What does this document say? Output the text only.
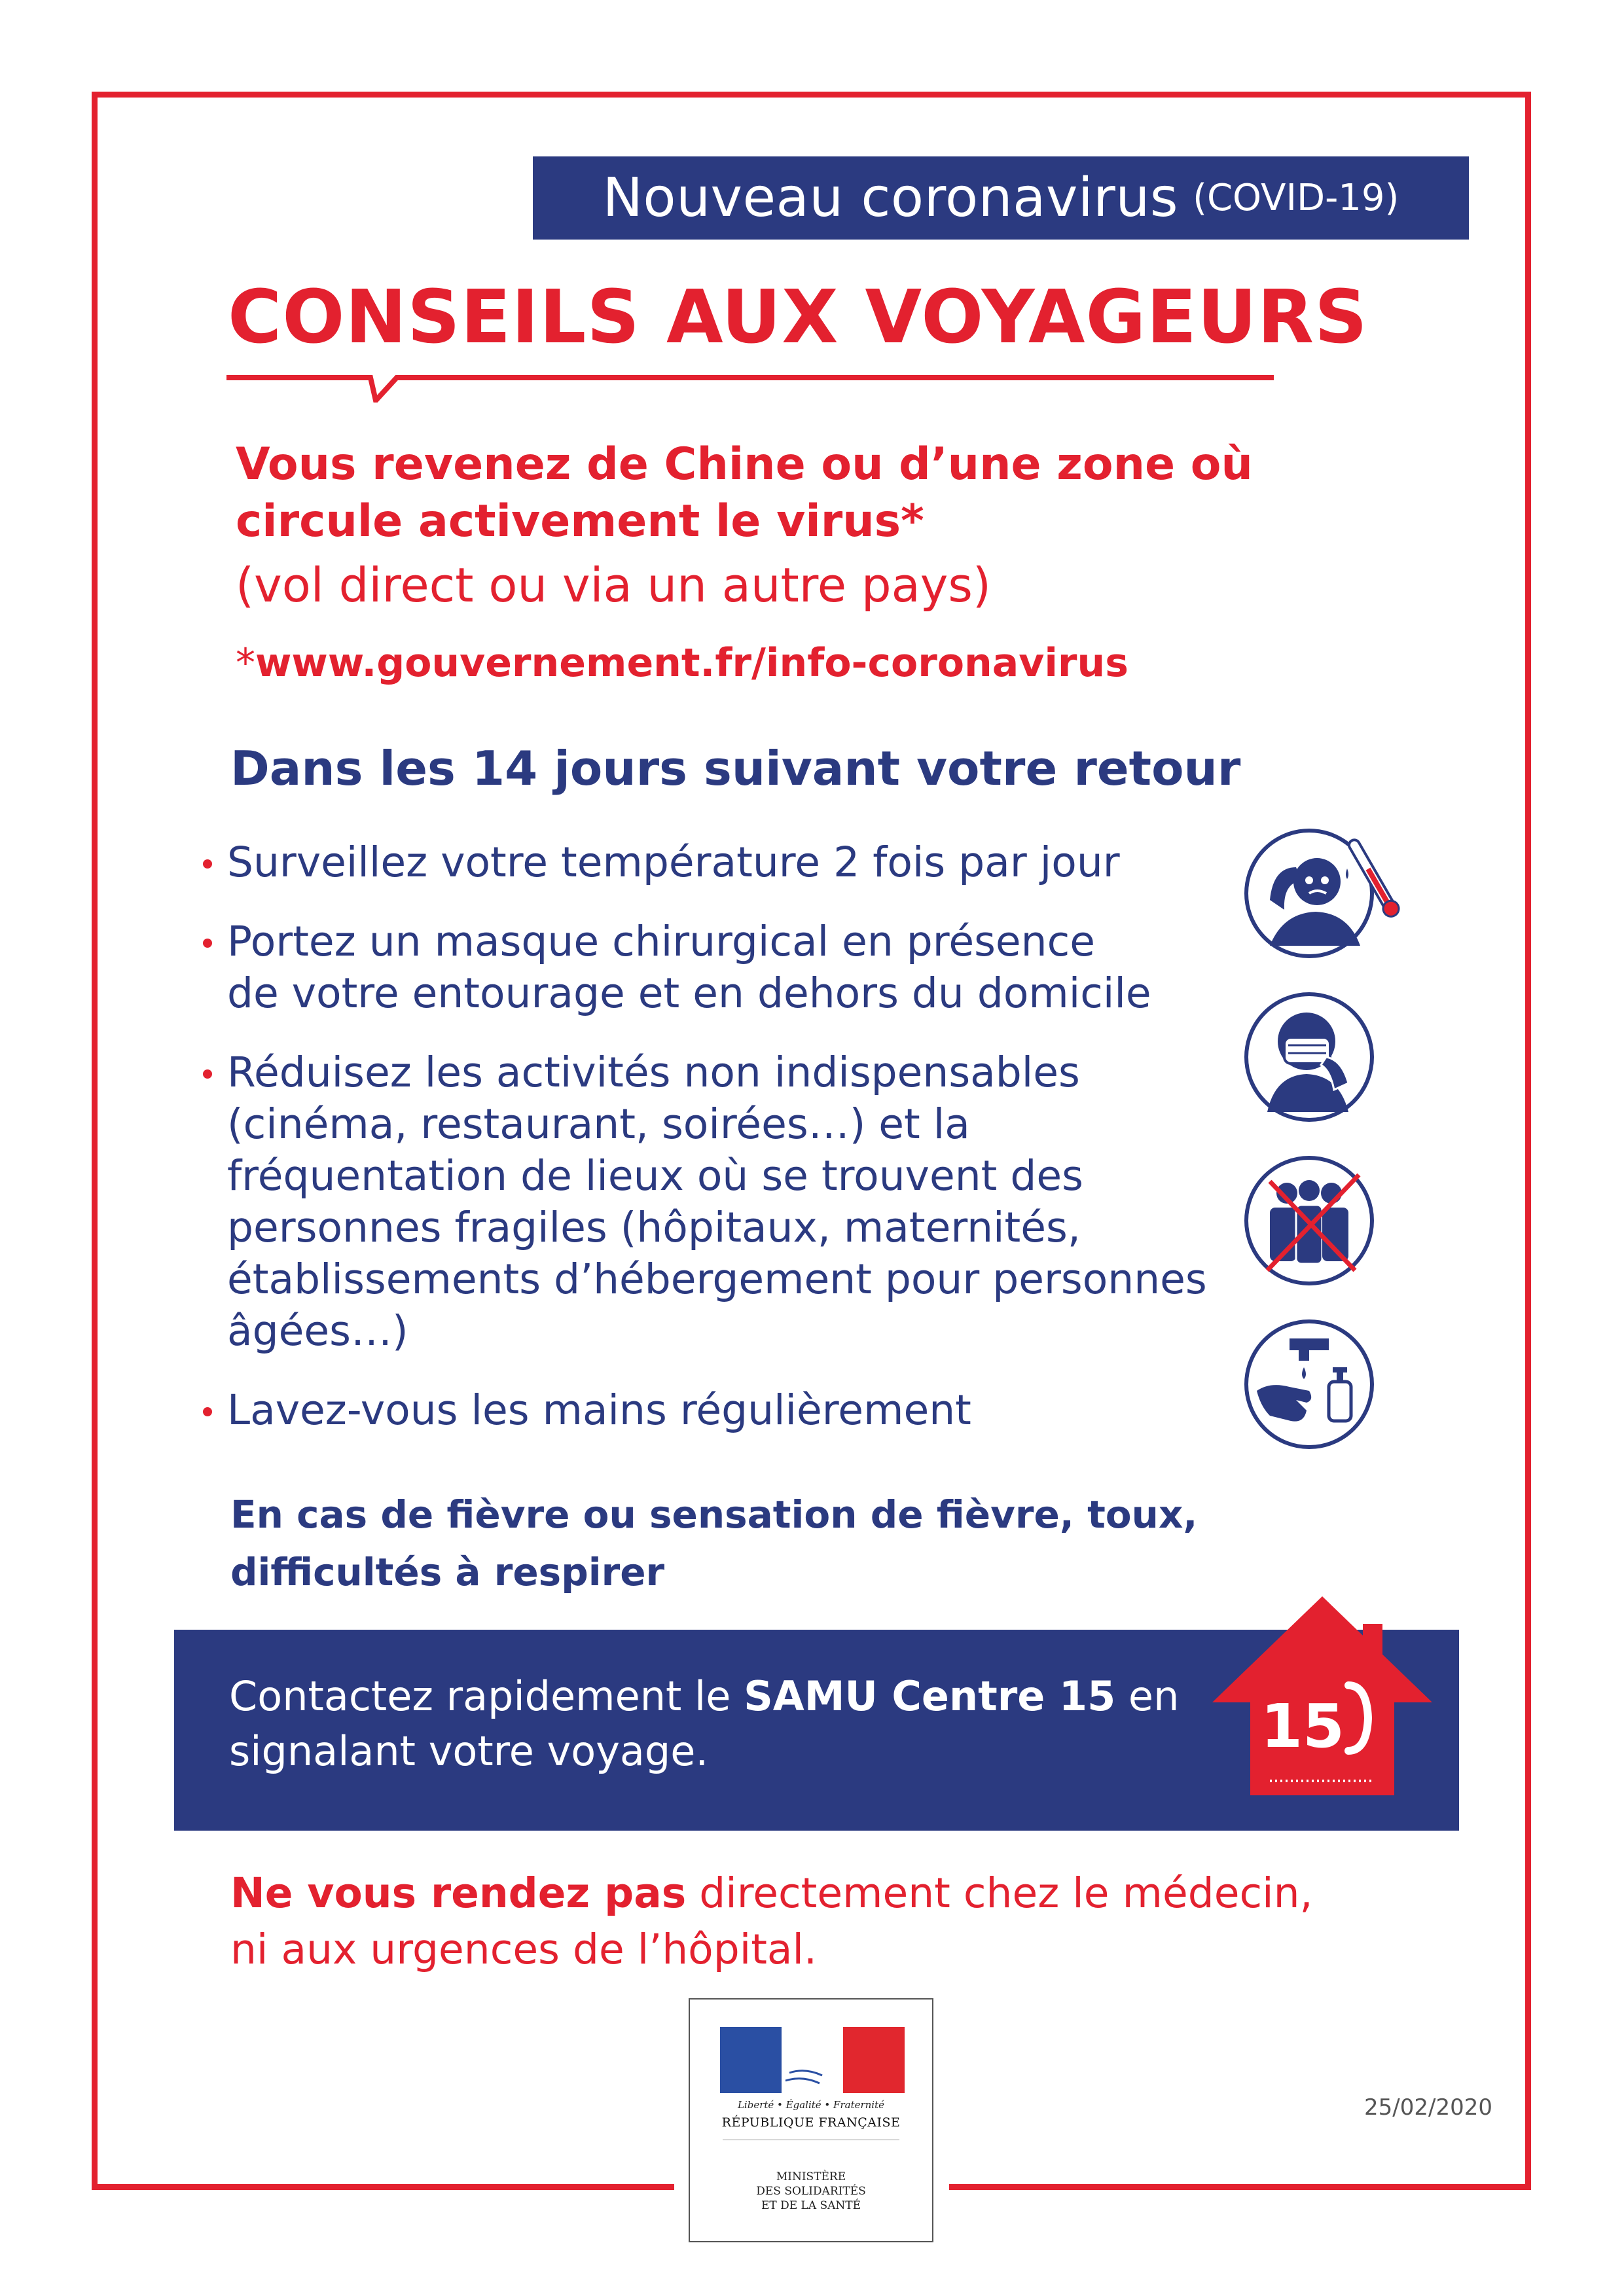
Nouveau coronavirus (COVID-19)
CONSEILS AUX VOYAGEURS
Vous revenez de Chine ou d’une zone où
circule activement le virus*
(vol direct ou via un autre pays)
*www.gouvernement.fr/info-coronavirus
Dans les 14 jours suivant votre retour
Surveillez votre température 2 fois par jour
Portez un masque chirurgical en présence
de votre entourage et en dehors du domicile
Réduisez les activités non indispensables
(cinéma, restaurant, soirées…) et la
fréquentation de lieux où se trouvent des
personnes fragiles (hôpitaux, maternités,
établissements d’hébergement pour personnes
âgées…)
Lavez-vous les mains régulièrement
En cas de fièvre ou sensation de fièvre, toux,
difficultés à respirer
Contactez rapidement le SAMU Centre 15 en
signalant votre voyage.	15
Ne vous rendez pas directement chez le médecin,
ni aux urgences de l’hôpital.
Liberté • Égalité • Fraternité
RÉPUBLIQUE FRANÇAISE
MINISTÈRE
DES SOLIDARITÉS
ET DE LA SANTÉ
25/02/2020
